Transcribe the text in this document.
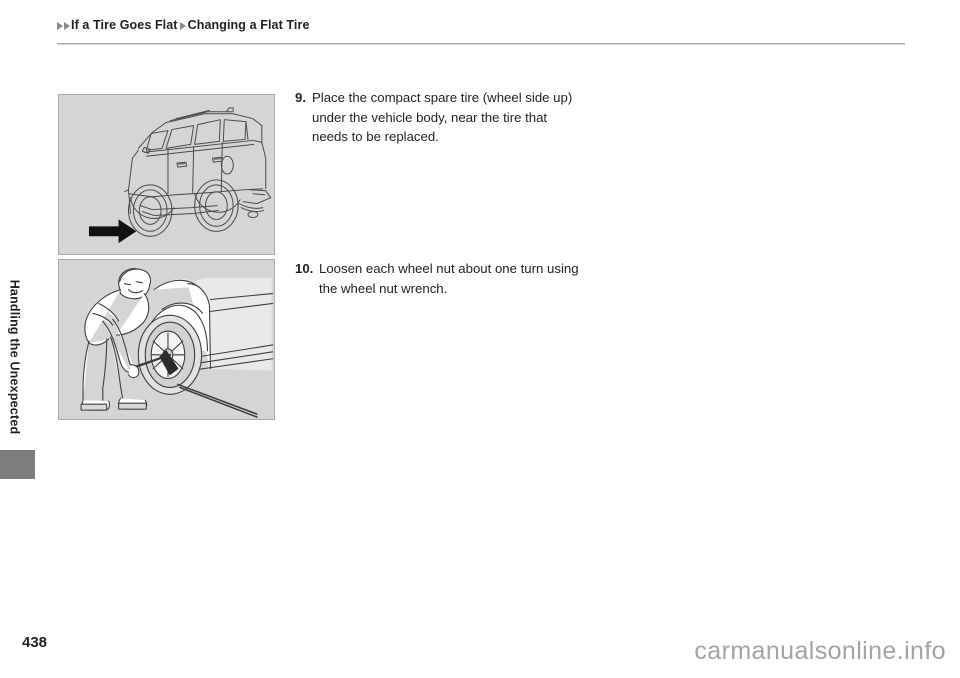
If a Tire Goes Flat Changing a Flat Tire
Handling the Unexpected
9. Place the compact spare tire (wheel side up) under the vehicle body, near the tire that needs to be replaced.
10. Loosen each wheel nut about one turn using the wheel nut wrench.
438	carmanualsonline.info
